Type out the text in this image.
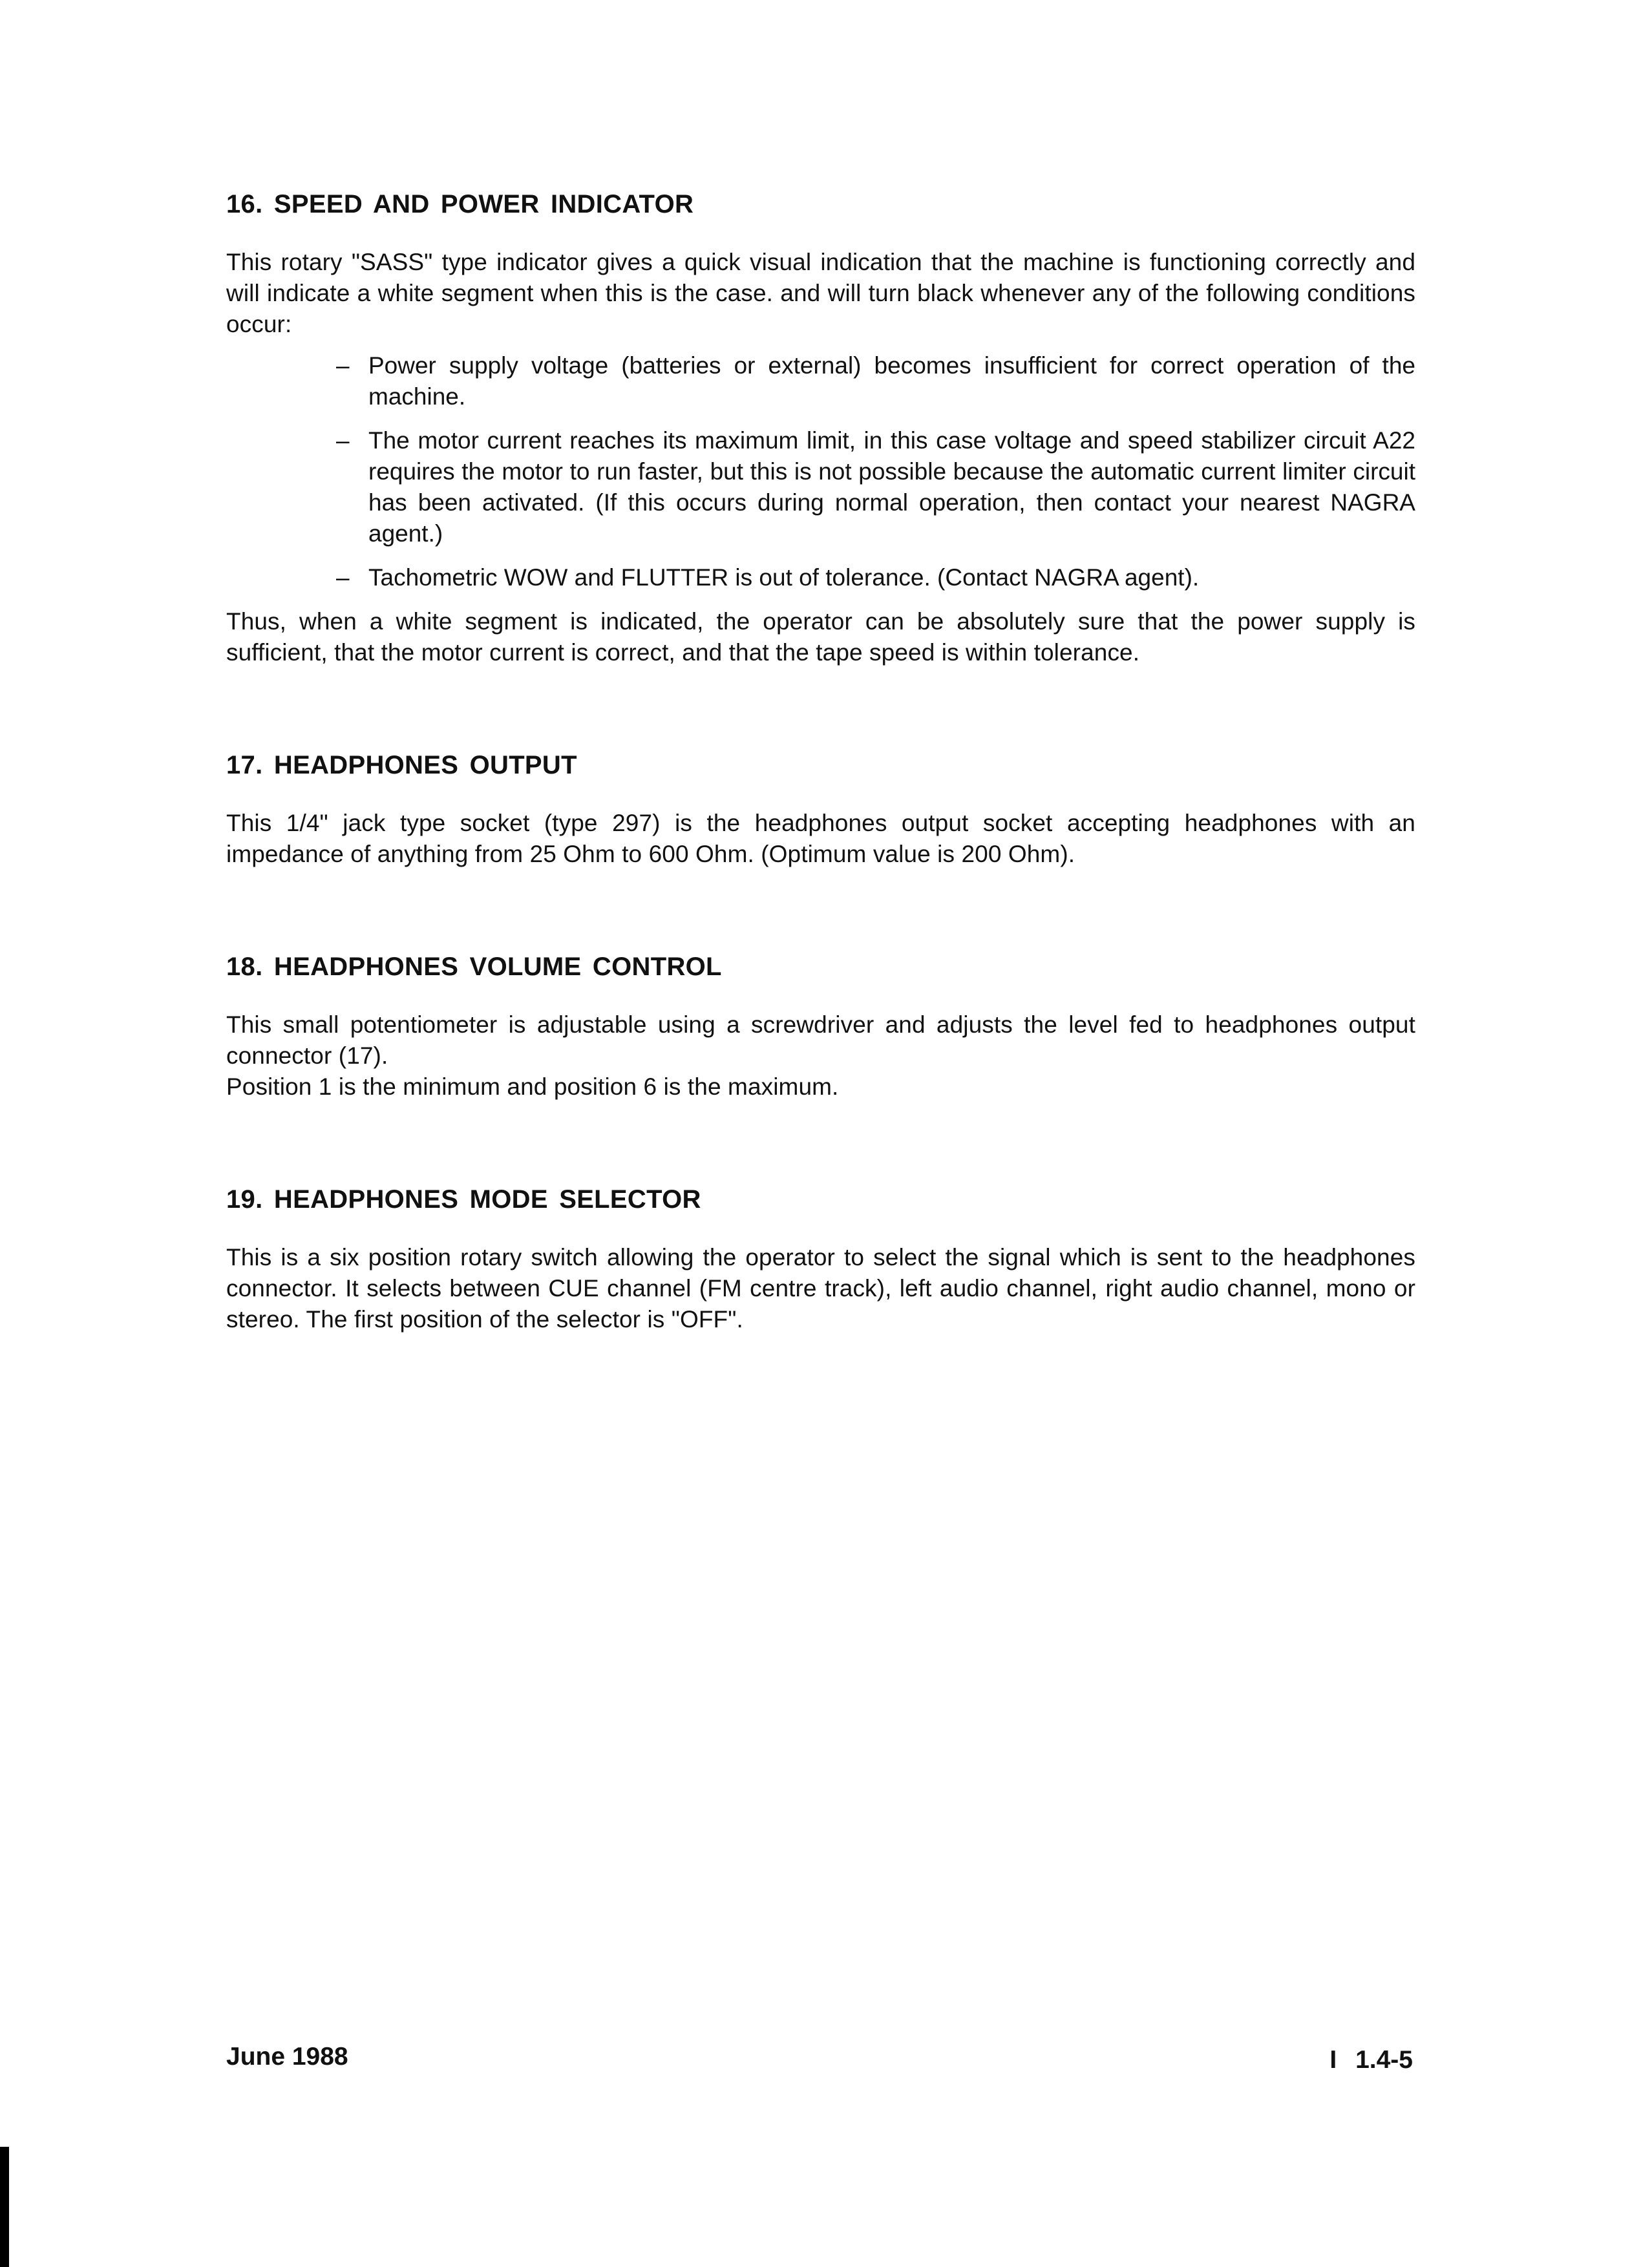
16. SPEED AND POWER INDICATOR

This rotary "SASS" type indicator gives a quick visual indication that the machine is functioning correctly and will indicate a white segment when this is the case. and will turn black whenever any of the following conditions occur:

– Power supply voltage (batteries or external) becomes insufficient for correct operation of the machine.
– The motor current reaches its maximum limit, in this case voltage and speed stabilizer circuit A22 requires the motor to run faster, but this is not possible because the automatic current limiter circuit has been activated. (If this occurs during normal operation, then contact your nearest NAGRA agent.)
– Tachometric WOW and FLUTTER is out of tolerance. (Contact NAGRA agent).

Thus, when a white segment is indicated, the operator can be absolutely sure that the power supply is sufficient, that the motor current is correct, and that the tape speed is within tolerance.

17. HEADPHONES OUTPUT

This 1/4" jack type socket (type 297) is the headphones output socket accepting headphones with an impedance of anything from 25 Ohm to 600 Ohm. (Optimum value is 200 Ohm).

18. HEADPHONES VOLUME CONTROL

This small potentiometer is adjustable using a screwdriver and adjusts the level fed to headphones output connector (17).

Position 1 is the minimum and position 6 is the maximum.

19. HEADPHONES MODE SELECTOR

This is a six position rotary switch allowing the operator to select the signal which is sent to the headphones connector. It selects between CUE channel (FM centre track), left audio channel, right audio channel, mono or stereo. The first position of the selector is "OFF".

June 1988	I 1.4-5
